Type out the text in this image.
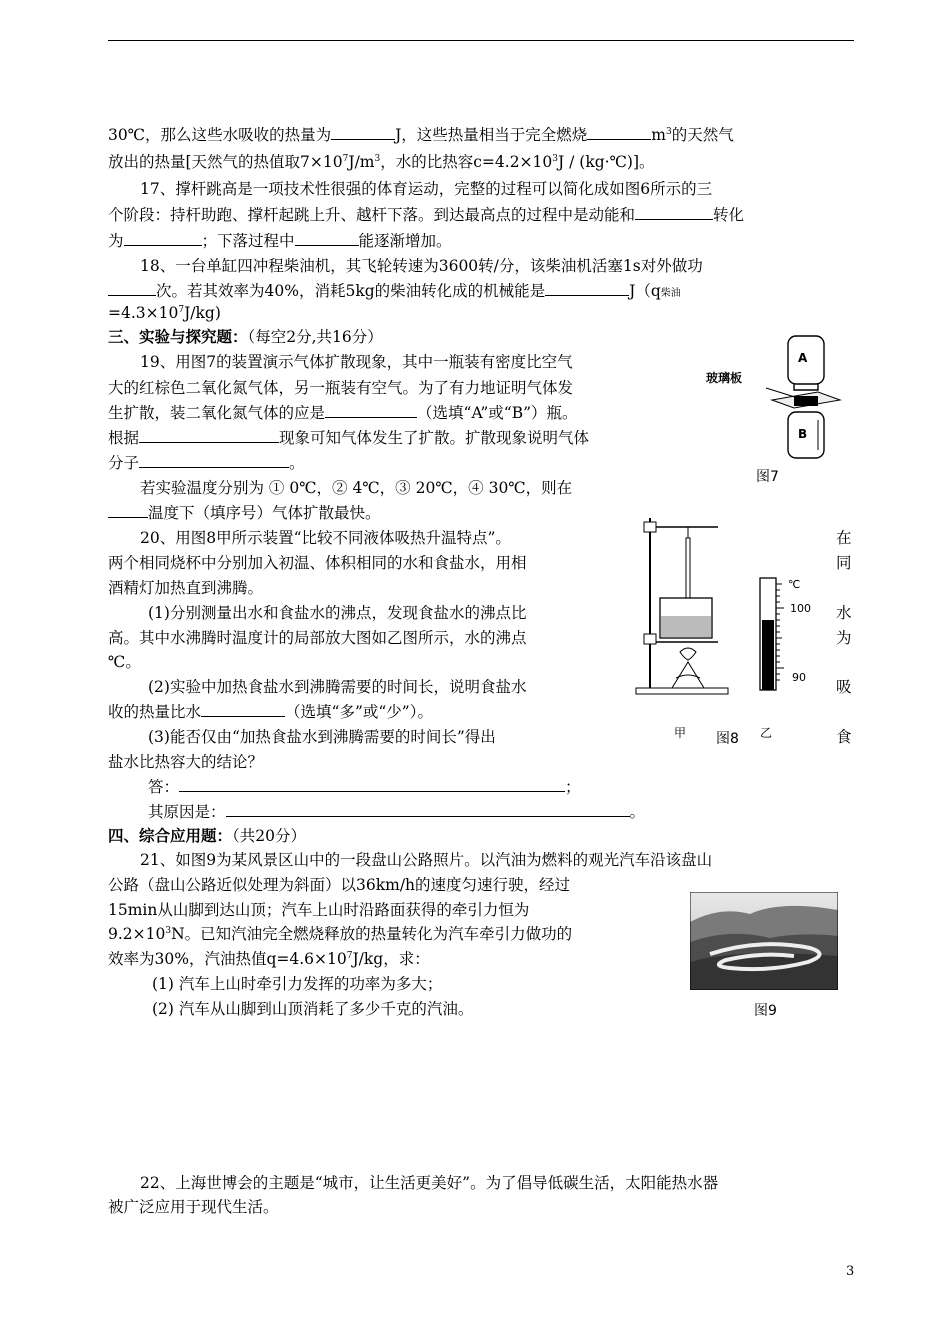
30℃，那么这些水吸收的热量为	J，这些热量相当于完全燃烧	$m^3$的天然气
放出的热量[天然气的热值取$7\times 10^7J/m^3$，水的比热容$c=4.2\times 10^3J$ / (kg·℃)]。
17、撑杆跳高是一项技术性很强的体育运动，完整的过程可以简化成如图6所示的三
个阶段：持杆助跑、撑杆起跳上升、越杆下落。到达最高点的过程中是动能和	转化
为	；下落过程中	能逐渐增加。
18、一台单缸四冲程柴油机，其飞轮转速为3600转/分，该柴油机活塞1s对外做功
次。若其效率为40%，消耗5kg的柴油转化成的机械能是	J（q柴油
$=4.3\times 10^7J/kg$)
三、实验与探究题：（每空2分,共16分）
19、用图7的装置演示气体扩散现象，其中一瓶装有密度比空气
大的红棕色二氧化氮气体，另一瓶装有空气。为了有力地证明气体发
生扩散，装二氧化氮气体的应是	（选填“A”或“B”）瓶。
根据	现象可知气体发生了扩散。扩散现象说明气体
分子	。
若实验温度分别为 ① 0℃，② 4℃，③ 20℃，④ 30℃，则在
温度下（填序号）气体扩散最快。
A
B
玻璃板
图7
20、用图8甲所示装置“比较不同液体吸热升温特点”。
两个相同烧杯中分别加入初温、体积相同的水和食盐水，用相
酒精灯加热直到沸腾。
(1)分别测量出水和食盐水的沸点，发现食盐水的沸点比
高。其中水沸腾时温度计的局部放大图如乙图所示，水的沸点
℃。
(2)实验中加热食盐水到沸腾需要的时间长，说明食盐水
收的热量比水	（选填“多”或“少”）。
(3)能否仅由“加热食盐水到沸腾需要的时间长”得出
盐水比热容大的结论？
答：	；
其原因是：	。
在
同
水
为
吸
食
℃
100
90
甲 图8 乙
四、综合应用题：（共20分）
21、如图9为某风景区山中的一段盘山公路照片。以汽油为燃料的观光汽车沿该盘山
公路（盘山公路近似处理为斜面）以36km/h的速度匀速行驶，经过
15min从山脚到达山顶；汽车上山时沿路面获得的牵引力恒为
$9.2\times 10^3N$。已知汽油完全燃烧释放的热量转化为汽车牵引力做功的
效率为30%，汽油热值$q=4.6\times 10^7J/kg$，求：
(1) 汽车上山时牵引力发挥的功率为多大；
(2) 汽车从山脚到山顶消耗了多少千克的汽油。	图9
22、上海世博会的主题是“城市，让生活更美好”。为了倡导低碳生活，太阳能热水器
被广泛应用于现代生活。
3
